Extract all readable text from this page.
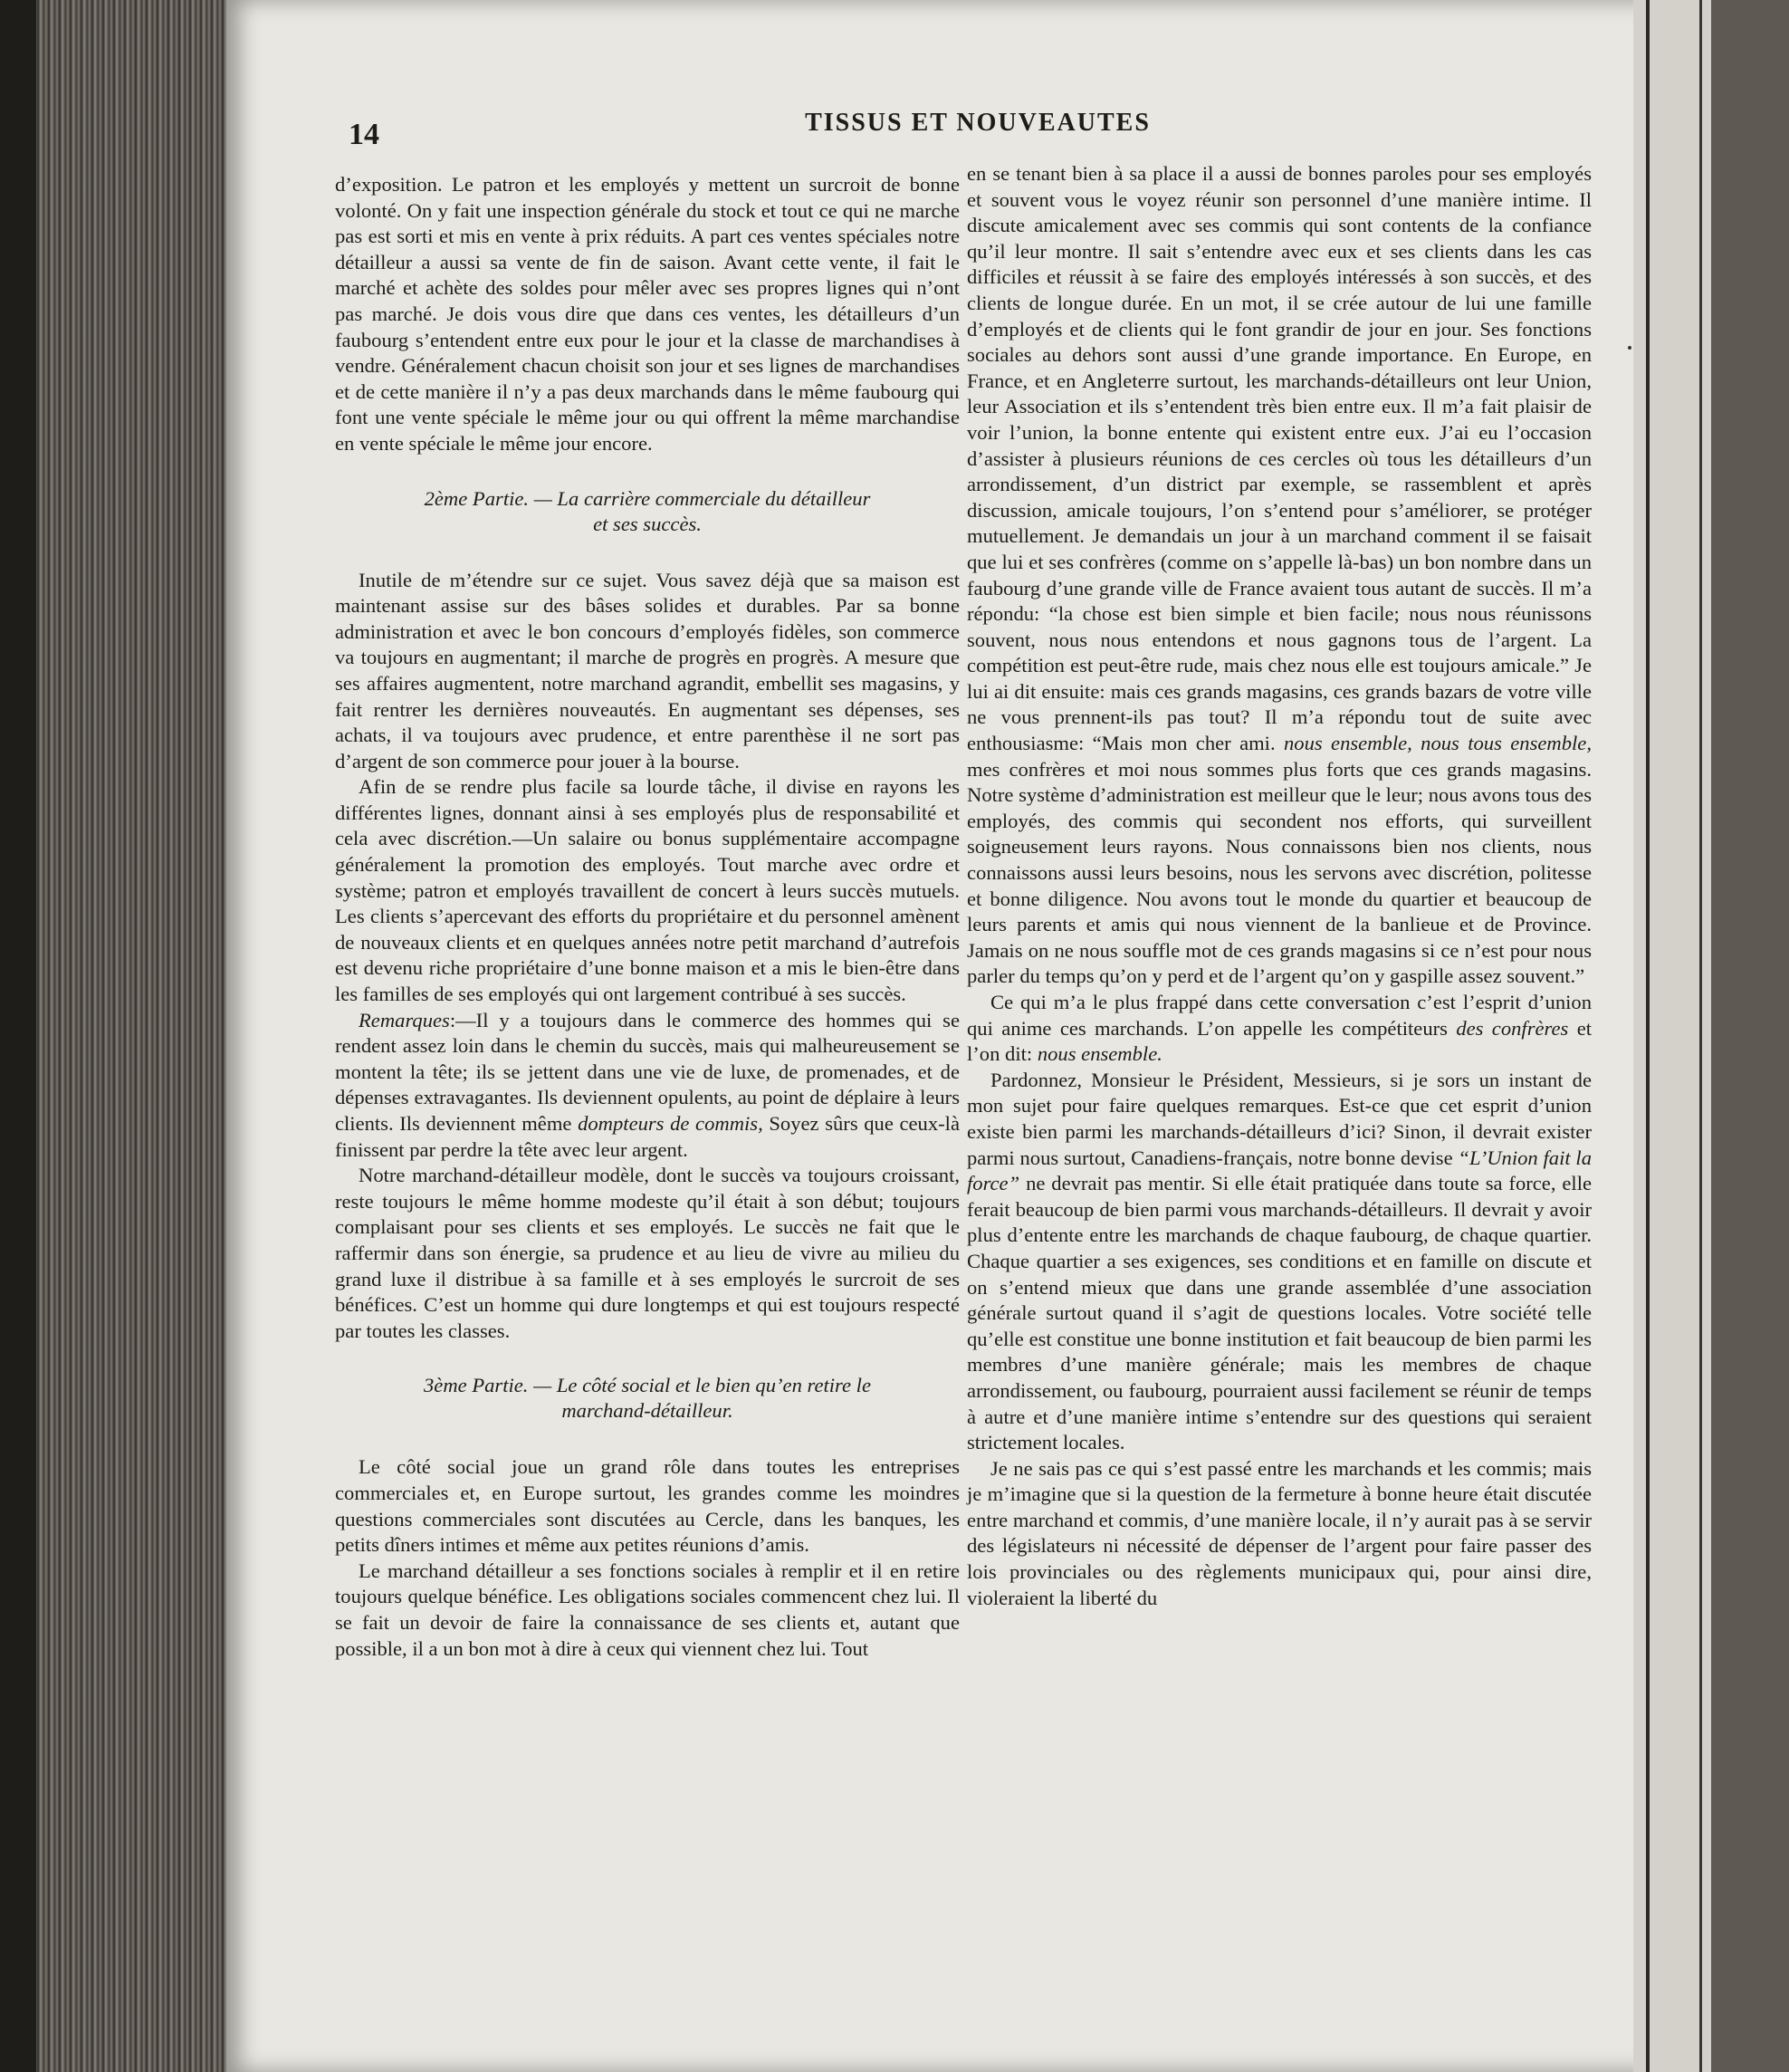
14	TISSUS ET NOUVEAUTES

d’exposition. Le patron et les employés y mettent un surcroit de bonne volonté. On y fait une inspection générale du stock et tout ce qui ne marche pas est sorti et mis en vente à prix réduits. A part ces ventes spéciales notre détailleur a aussi sa vente de fin de saison. Avant cette vente, il fait le marché et achète des soldes pour mêler avec ses propres lignes qui n’ont pas marché. Je dois vous dire que dans ces ventes, les détailleurs d’un faubourg s’entendent entre eux pour le jour et la classe de marchandises à vendre. Généralement chacun choisit son jour et ses lignes de marchandises et de cette manière il n’y a pas deux marchands dans le même faubourg qui font une vente spéciale le même jour ou qui offrent la même marchandise en vente spéciale le même jour encore.

2ème Partie. — La carrière commerciale du détailleur
et ses succès.

Inutile de m’étendre sur ce sujet. Vous savez déjà que sa maison est maintenant assise sur des bâses solides et durables. Par sa bonne administration et avec le bon concours d’employés fidèles, son commerce va toujours en augmentant; il marche de progrès en progrès. A mesure que ses affaires augmentent, notre marchand agrandit, embellit ses magasins, y fait rentrer les dernières nouveautés. En augmentant ses dépenses, ses achats, il va toujours avec prudence, et entre parenthèse il ne sort pas d’argent de son commerce pour jouer à la bourse.

Afin de se rendre plus facile sa lourde tâche, il divise en rayons les différentes lignes, donnant ainsi à ses employés plus de responsabilité et cela avec discrétion.—Un salaire ou bonus supplémentaire accompagne généralement la promotion des employés. Tout marche avec ordre et système; patron et employés travaillent de concert à leurs succès mutuels. Les clients s’apercevant des efforts du propriétaire et du personnel amènent de nouveaux clients et en quelques années notre petit marchand d’autrefois est devenu riche propriétaire d’une bonne maison et a mis le bien-être dans les familles de ses employés qui ont largement contribué à ses succès.

Remarques:—Il y a toujours dans le commerce des hommes qui se rendent assez loin dans le chemin du succès, mais qui malheureusement se montent la tête; ils se jettent dans une vie de luxe, de promenades, et de dépenses extravagantes. Ils deviennent opulents, au point de déplaire à leurs clients. Ils deviennent même dompteurs de commis, Soyez sûrs que ceux-là finissent par perdre la tête avec leur argent.

Notre marchand-détailleur modèle, dont le succès va toujours croissant, reste toujours le même homme modeste qu’il était à son début; toujours complaisant pour ses clients et ses employés. Le succès ne fait que le raffermir dans son énergie, sa prudence et au lieu de vivre au milieu du grand luxe il distribue à sa famille et à ses employés le surcroit de ses bénéfices. C’est un homme qui dure longtemps et qui est toujours respecté par toutes les classes.

3ème Partie. — Le côté social et le bien qu’en retire le
marchand-détailleur.

Le côté social joue un grand rôle dans toutes les entreprises commerciales et, en Europe surtout, les grandes comme les moindres questions commerciales sont discutées au Cercle, dans les banques, les petits dîners intimes et même aux petites réunions d’amis.

Le marchand détailleur a ses fonctions sociales à remplir et il en retire toujours quelque bénéfice. Les obligations sociales commencent chez lui. Il se fait un devoir de faire la connaissance de ses clients et, autant que possible, il a un bon mot à dire à ceux qui viennent chez lui. Tout

en se tenant bien à sa place il a aussi de bonnes paroles pour ses employés et souvent vous le voyez réunir son personnel d’une manière intime. Il discute amicalement avec ses commis qui sont contents de la confiance qu’il leur montre. Il sait s’entendre avec eux et ses clients dans les cas difficiles et réussit à se faire des employés intéressés à son succès, et des clients de longue durée. En un mot, il se crée autour de lui une famille d’employés et de clients qui le font grandir de jour en jour. Ses fonctions sociales au dehors sont aussi d’une grande importance. En Europe, en France, et en Angleterre surtout, les marchands-détailleurs ont leur Union, leur Association et ils s’entendent très bien entre eux. Il m’a fait plaisir de voir l’union, la bonne entente qui existent entre eux. J’ai eu l’occasion d’assister à plusieurs réunions de ces cercles où tous les détailleurs d’un arrondissement, d’un district par exemple, se rassemblent et après discussion, amicale toujours, l’on s’entend pour s’améliorer, se protéger mutuellement. Je demandais un jour à un marchand comment il se faisait que lui et ses confrères (comme on s’appelle là-bas) un bon nombre dans un faubourg d’une grande ville de France avaient tous autant de succès. Il m’a répondu: “la chose est bien simple et bien facile; nous nous réunissons souvent, nous nous entendons et nous gagnons tous de l’argent. La compétition est peut-être rude, mais chez nous elle est toujours amicale.” Je lui ai dit ensuite: mais ces grands magasins, ces grands bazars de votre ville ne vous prennent-ils pas tout? Il m’a répondu tout de suite avec enthousiasme: “Mais mon cher ami. nous ensemble, nous tous ensemble, mes confrères et moi nous sommes plus forts que ces grands magasins. Notre système d’administration est meilleur que le leur; nous avons tous des employés, des commis qui secondent nos efforts, qui surveillent soigneusement leurs rayons. Nous connaissons bien nos clients, nous connaissons aussi leurs besoins, nous les servons avec discrétion, politesse et bonne diligence. Nou avons tout le monde du quartier et beaucoup de leurs parents et amis qui nous viennent de la banlieue et de Province. Jamais on ne nous souffle mot de ces grands magasins si ce n’est pour nous parler du temps qu’on y perd et de l’argent qu’on y gaspille assez souvent.”

Ce qui m’a le plus frappé dans cette conversation c’est l’esprit d’union qui anime ces marchands. L’on appelle les compétiteurs des confrères et l’on dit: nous ensemble.

Pardonnez, Monsieur le Président, Messieurs, si je sors un instant de mon sujet pour faire quelques remarques. Est-ce que cet esprit d’union existe bien parmi les marchands-détailleurs d’ici? Sinon, il devrait exister parmi nous surtout, Canadiens-français, notre bonne devise “L’Union fait la force” ne devrait pas mentir. Si elle était pratiquée dans toute sa force, elle ferait beaucoup de bien parmi vous marchands-détailleurs. Il devrait y avoir plus d’entente entre les marchands de chaque faubourg, de chaque quartier. Chaque quartier a ses exigences, ses conditions et en famille on discute et on s’entend mieux que dans une grande assemblée d’une association générale surtout quand il s’agit de questions locales. Votre société telle qu’elle est constitue une bonne institution et fait beaucoup de bien parmi les membres d’une manière générale; mais les membres de chaque arrondissement, ou faubourg, pourraient aussi facilement se réunir de temps à autre et d’une manière intime s’entendre sur des questions qui seraient strictement locales.

Je ne sais pas ce qui s’est passé entre les marchands et les commis; mais je m’imagine que si la question de la fermeture à bonne heure était discutée entre marchand et commis, d’une manière locale, il n’y aurait pas à se servir des législateurs ni nécessité de dépenser de l’argent pour faire passer des lois provinciales ou des règlements municipaux qui, pour ainsi dire, violeraient la liberté du
